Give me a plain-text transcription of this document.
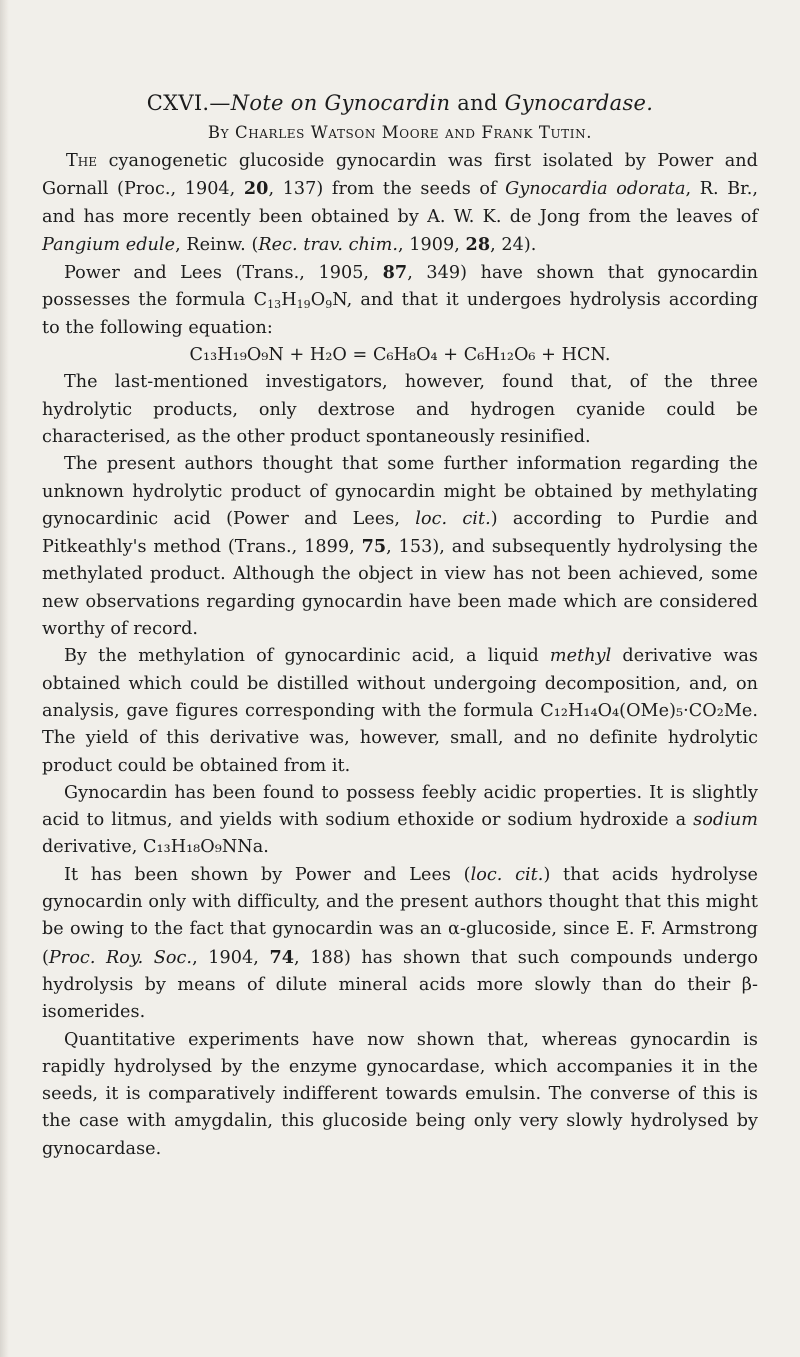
CXVI.—Note on Gynocardin and Gynocardase.
By Charles Watson Moore and Frank Tutin.

The cyanogenetic glucoside gynocardin was first isolated by Power and Gornall (Proc., 1904, 20, 137) from the seeds of Gynocardia odorata, R. Br., and has more recently been obtained by A. W. K. de Jong from the leaves of Pangium edule, Reinw. (Rec. trav. chim., 1909, 28, 24).

Power and Lees (Trans., 1905, 87, 349) have shown that gynocardin possesses the formula $C_{13}H_{19}O_9N$, and that it undergoes hydrolysis according to the following equation:

C₁₃H₁₉O₉N + H₂O = C₆H₈O₄ + C₆H₁₂O₆ + HCN.

The last-mentioned investigators, however, found that, of the three hydrolytic products, only dextrose and hydrogen cyanide could be characterised, as the other product spontaneously resinified.

The present authors thought that some further information regarding the unknown hydrolytic product of gynocardin might be obtained by methylating gynocardinic acid (Power and Lees, loc. cit.) according to Purdie and Pitkeathly's method (Trans., 1899, 75, 153), and subsequently hydrolysing the methylated product. Although the object in view has not been achieved, some new observations regarding gynocardin have been made which are considered worthy of record.

By the methylation of gynocardinic acid, a liquid methyl derivative was obtained which could be distilled without undergoing decomposition, and, on analysis, gave figures corresponding with the formula C₁₂H₁₄O₄(OMe)₅·CO₂Me. The yield of this derivative was, however, small, and no definite hydrolytic product could be obtained from it.

Gynocardin has been found to possess feebly acidic properties. It is slightly acid to litmus, and yields with sodium ethoxide or sodium hydroxide a sodium derivative, C₁₃H₁₈O₉NNa.

It has been shown by Power and Lees (loc. cit.) that acids hydrolyse gynocardin only with difficulty, and the present authors thought that this might be owing to the fact that gynocardin was an α-glucoside, since E. F. Armstrong (Proc. Roy. Soc., 1904, 74, 188) has shown that such compounds undergo hydrolysis by means of dilute mineral acids more slowly than do their β-isomerides.

Quantitative experiments have now shown that, whereas gynocardin is rapidly hydrolysed by the enzyme gynocardase, which accompanies it in the seeds, it is comparatively indifferent towards emulsin. The converse of this is the case with amygdalin, this glucoside being only very slowly hydrolysed by gynocardase.
